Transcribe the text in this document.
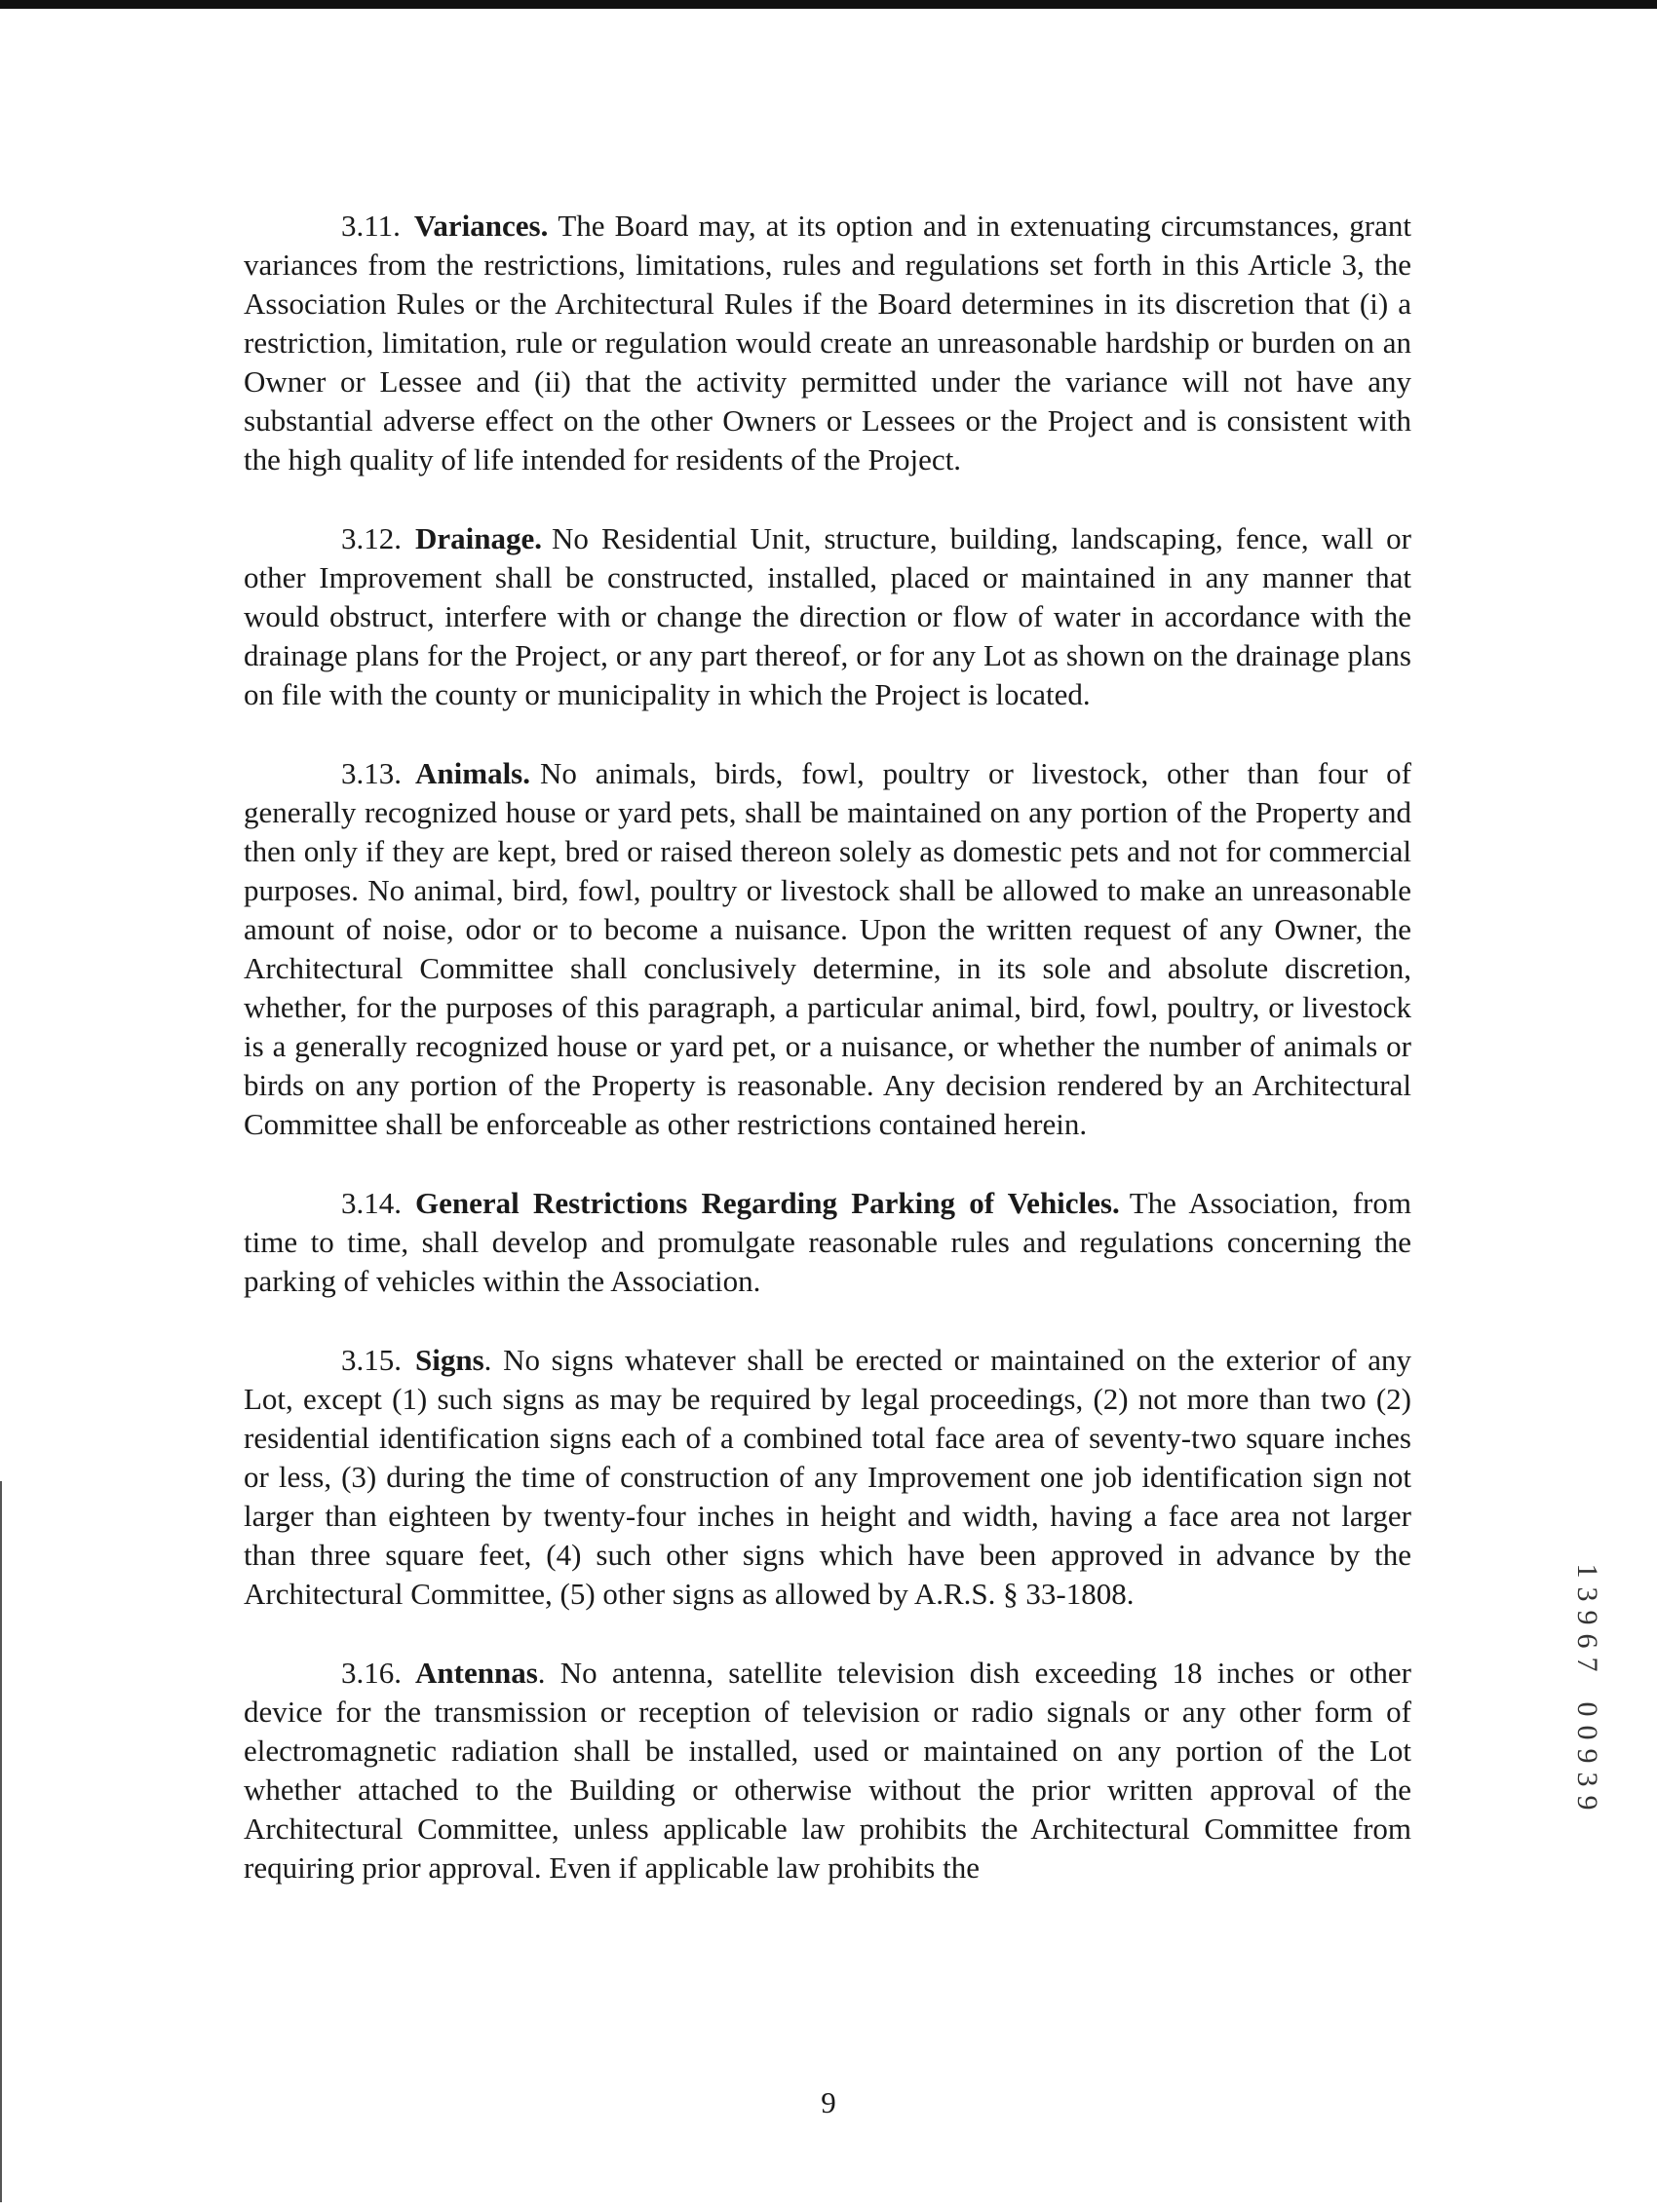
3.11. Variances. The Board may, at its option and in extenuating circumstances, grant variances from the restrictions, limitations, rules and regulations set forth in this Article 3, the Association Rules or the Architectural Rules if the Board determines in its discretion that (i) a restriction, limitation, rule or regulation would create an unreasonable hardship or burden on an Owner or Lessee and (ii) that the activity permitted under the variance will not have any substantial adverse effect on the other Owners or Lessees or the Project and is consistent with the high quality of life intended for residents of the Project.

3.12. Drainage. No Residential Unit, structure, building, landscaping, fence, wall or other Improvement shall be constructed, installed, placed or maintained in any manner that would obstruct, interfere with or change the direction or flow of water in accordance with the drainage plans for the Project, or any part thereof, or for any Lot as shown on the drainage plans on file with the county or municipality in which the Project is located.

3.13. Animals. No animals, birds, fowl, poultry or livestock, other than four of generally recognized house or yard pets, shall be maintained on any portion of the Property and then only if they are kept, bred or raised thereon solely as domestic pets and not for commercial purposes. No animal, bird, fowl, poultry or livestock shall be allowed to make an unreasonable amount of noise, odor or to become a nuisance. Upon the written request of any Owner, the Architectural Committee shall conclusively determine, in its sole and absolute discretion, whether, for the purposes of this paragraph, a particular animal, bird, fowl, poultry, or livestock is a generally recognized house or yard pet, or a nuisance, or whether the number of animals or birds on any portion of the Property is reasonable. Any decision rendered by an Architectural Committee shall be enforceable as other restrictions contained herein.

3.14. General Restrictions Regarding Parking of Vehicles. The Association, from time to time, shall develop and promulgate reasonable rules and regulations concerning the parking of vehicles within the Association.

3.15. Signs. No signs whatever shall be erected or maintained on the exterior of any Lot, except (1) such signs as may be required by legal proceedings, (2) not more than two (2) residential identification signs each of a combined total face area of seventy-two square inches or less, (3) during the time of construction of any Improvement one job identification sign not larger than eighteen by twenty-four inches in height and width, having a face area not larger than three square feet, (4) such other signs which have been approved in advance by the Architectural Committee, (5) other signs as allowed by A.R.S. § 33-1808.

3.16. Antennas. No antenna, satellite television dish exceeding 18 inches or other device for the transmission or reception of television or radio signals or any other form of electromagnetic radiation shall be installed, used or maintained on any portion of the Lot whether attached to the Building or otherwise without the prior written approval of the Architectural Committee, unless applicable law prohibits the Architectural Committee from requiring prior approval. Even if applicable law prohibits the

9
1
3
9
6
7
0
0
9
3
9
